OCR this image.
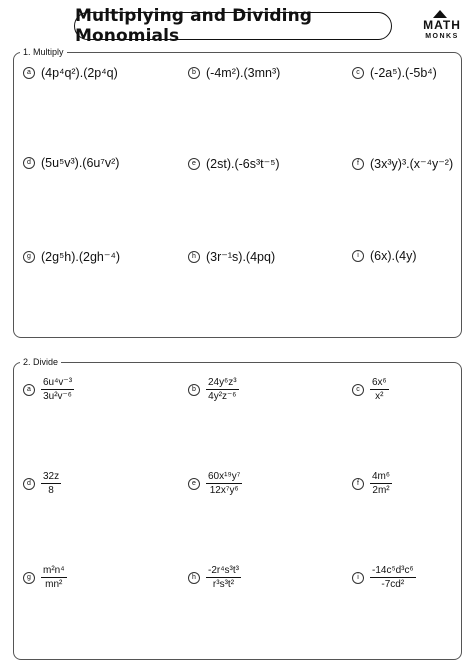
Multiplying and Dividing Monomials
MATH
MONKS
1. Multiply
a (4p⁴q²).(2p⁴q)	b (-4m²).(3mn³)	c (-2a⁵).(-5b⁴)
d (5u⁵v³).(6u⁷v²)	e (2st).(-6s³t⁻⁵)	f (3x³y)³.(x⁻⁴y⁻²)
g (2g⁵h).(2gh⁻⁴)	h (3r⁻¹s).(4pq)	i (6x).(4y)
2. Divide
a	$\frac{\text{6u⁴v⁻³}}{\text{3u²v⁻⁶}}$	b	$\frac{\text{24y⁶z³}}{\text{4y²z⁻⁶}}$	c	$\frac{\text{6x⁶}}{\text{x²}}$
d	$\frac{32z}{8}$	e	$\frac{\text{60x¹⁹y⁷}}{\text{12x⁷y⁶}}$	f	$\frac{\text{4m⁶}}{\text{2m²}}$
g	$\frac{\text{m²n⁴}}{\text{mn²}}$	h	$\frac{\text{-2r⁴s³t³}}{\text{r³s³t²}}$	i	$\frac{\text{-14c⁵d³c⁶}}{\text{-7cd²}}$
